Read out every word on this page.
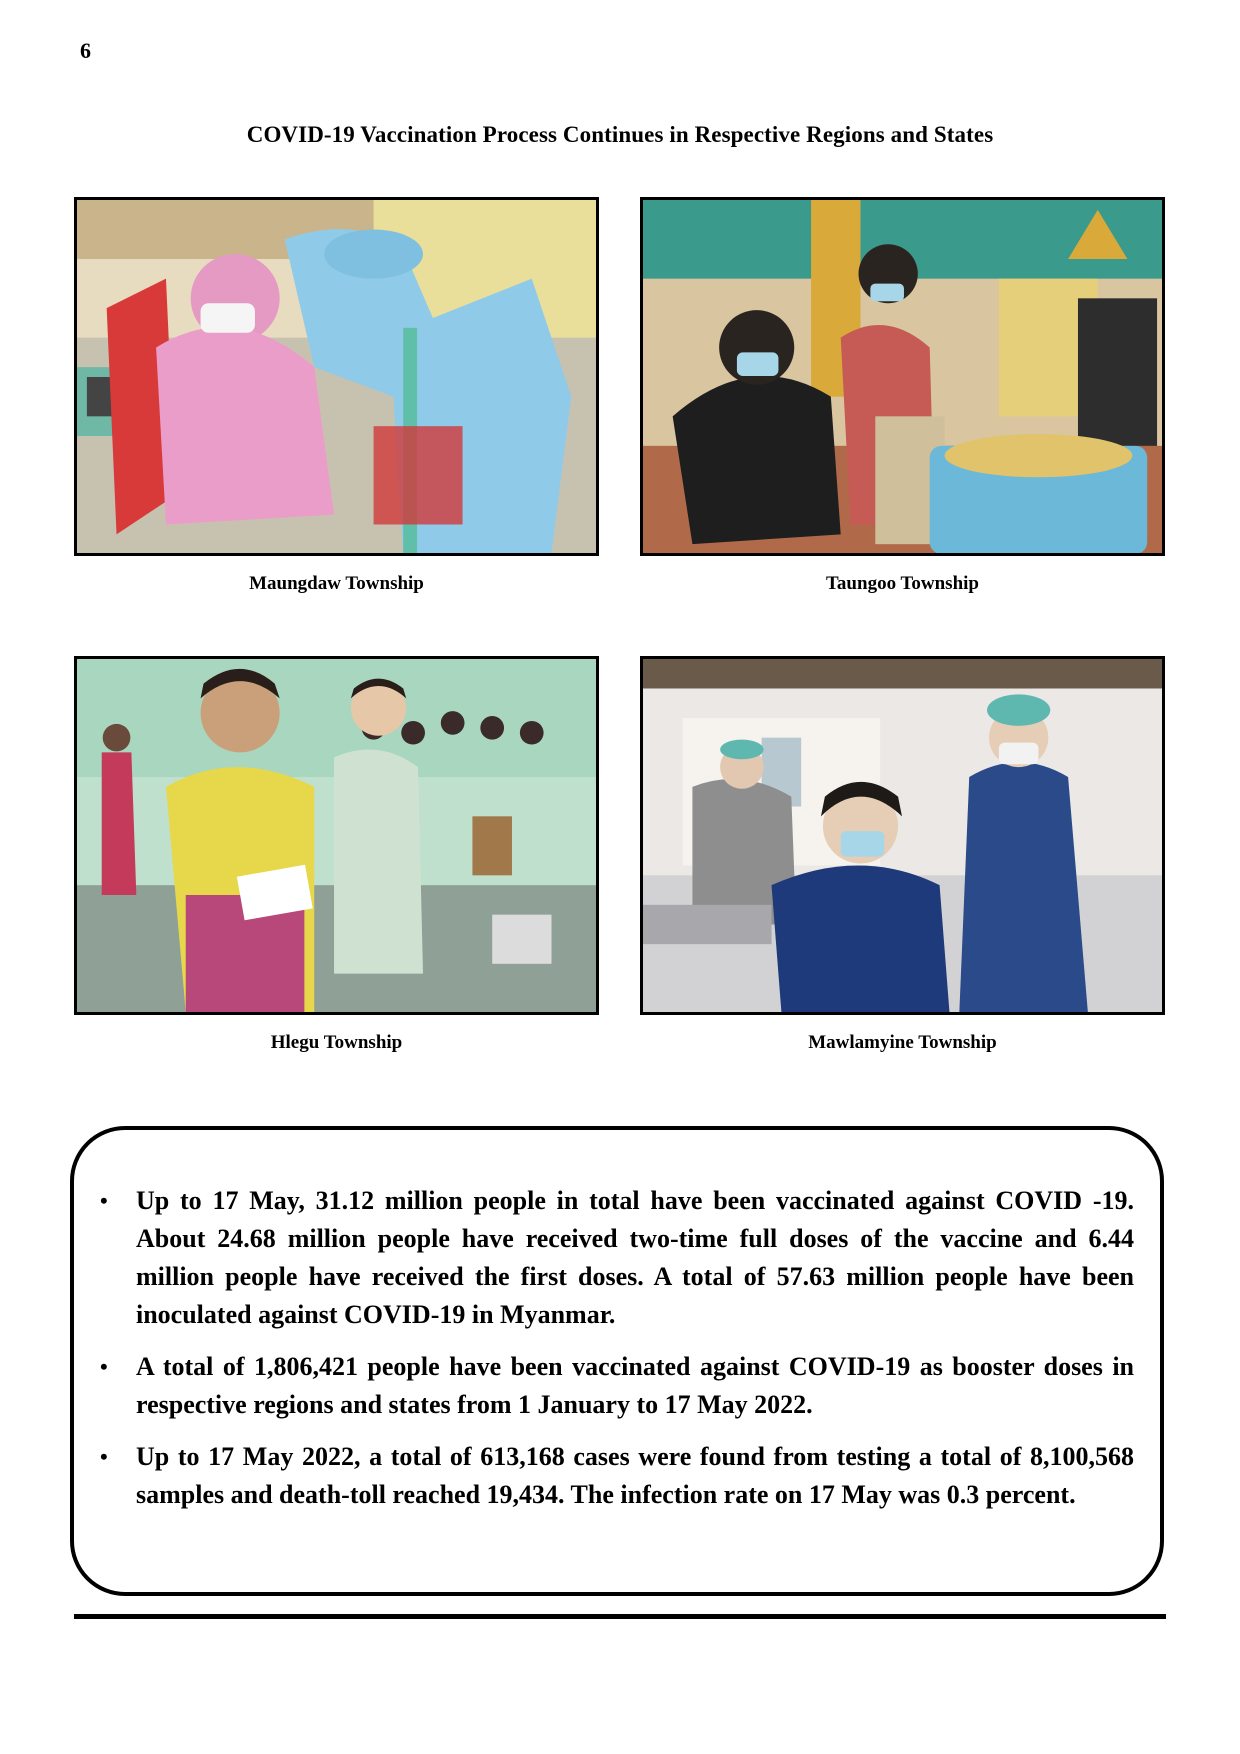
6
COVID-19 Vaccination Process Continues in Respective Regions and States
Maungdaw Township	Taungoo Township
Hlegu Township	Mawlamyine Township
• Up to 17 May, 31.12 million people in total have been vaccinated against COVID -19. About 24.68 million people have received two-time full doses of the vaccine and 6.44 million people have received the first doses. A total of 57.63 million people have been inoculated against COVID-19 in Myanmar.
• A total of 1,806,421 people have been vaccinated against COVID-19 as booster doses in respective regions and states from 1 January to 17 May 2022.
• Up to 17 May 2022, a total of 613,168 cases were found from testing a total of 8,100,568 samples and death-toll reached 19,434. The infection rate on 17 May was 0.3 percent.
